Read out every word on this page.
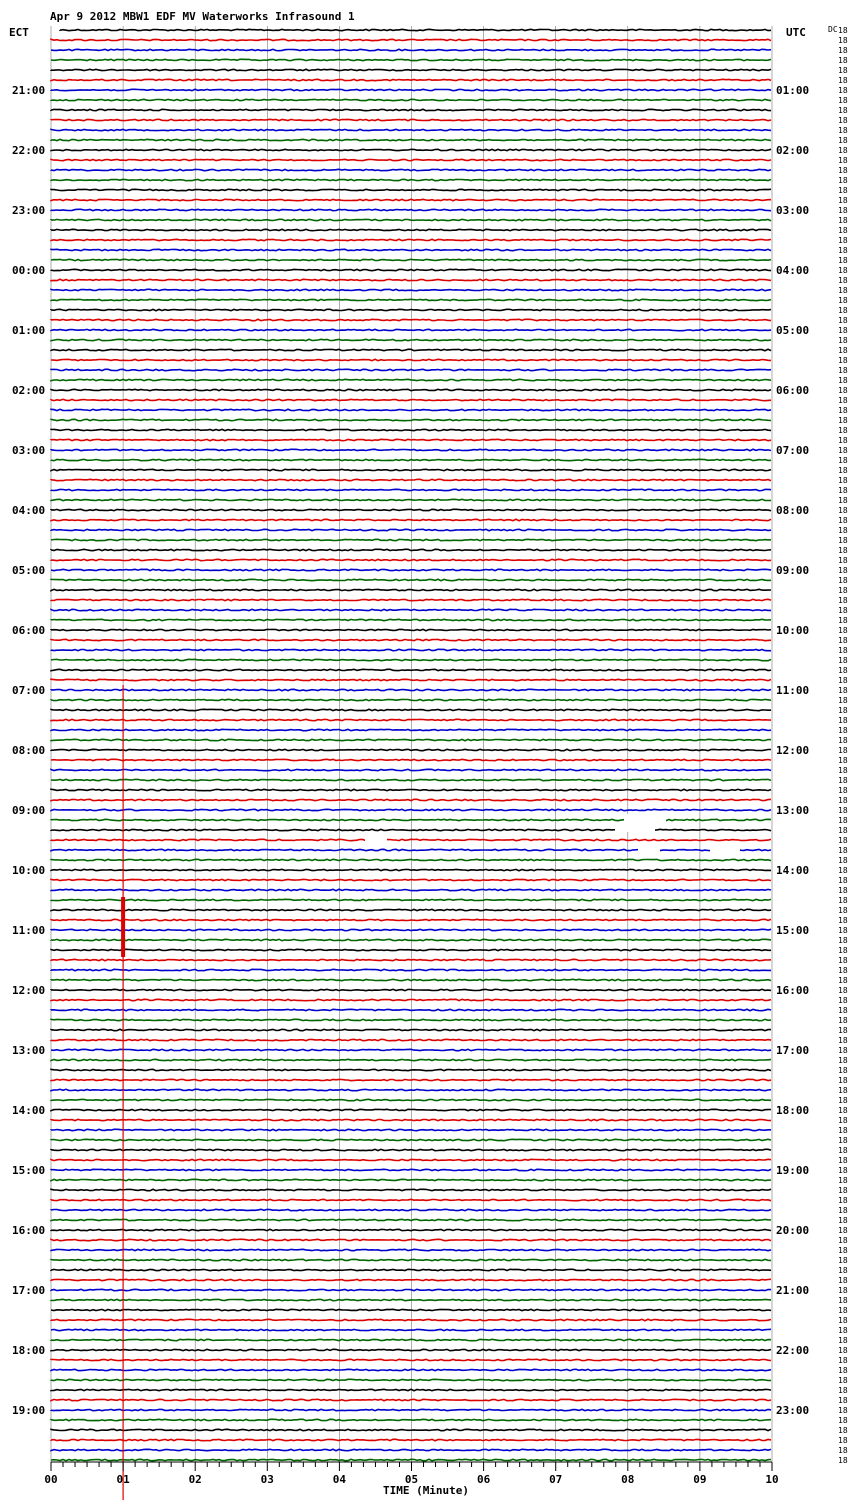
Apr 9 2012 MBW1 EDF MV Waterworks Infrasound 1
ECT	UTC	DC
TIME (Minute)
21:00
22:00
23:00
00:00
01:00
02:00
03:00
04:00
05:00
06:00
07:00
08:00
09:00
10:00
11:00
12:00
13:00
14:00
15:00
16:00
17:00
18:00
19:00
01:00
02:00
03:00
04:00
05:00
06:00
07:00
08:00
09:00
10:00
11:00
12:00
13:00
14:00
15:00
16:00
17:00
18:00
19:00
20:00
21:00
22:00
23:00
18
18
18
18
18
18
18
18
18
18
18
18
18
18
18
18
18
18
18
18
18
18
18
18
18
18
18
18
18
18
18
18
18
18
18
18
18
18
18
18
18
18
18
18
18
18
18
18
18
18
18
18
18
18
18
18
18
18
18
18
18
18
18
18
18
18
18
18
18
18
18
18
18
18
18
18
18
18
18
18
18
18
18
18
18
18
18
18
18
18
18
18
18
18
18
18
18
18
18
18
18
18
18
18
18
18
18
18
18
18
18
18
18
18
18
18
18
18
18
18
18
18
18
18
18
18
18
18
18
18
18
18
18
18
18
18
18
18
18
18
18
18
18
18
00	01	02	03	04	05	06	07	08	09	10
